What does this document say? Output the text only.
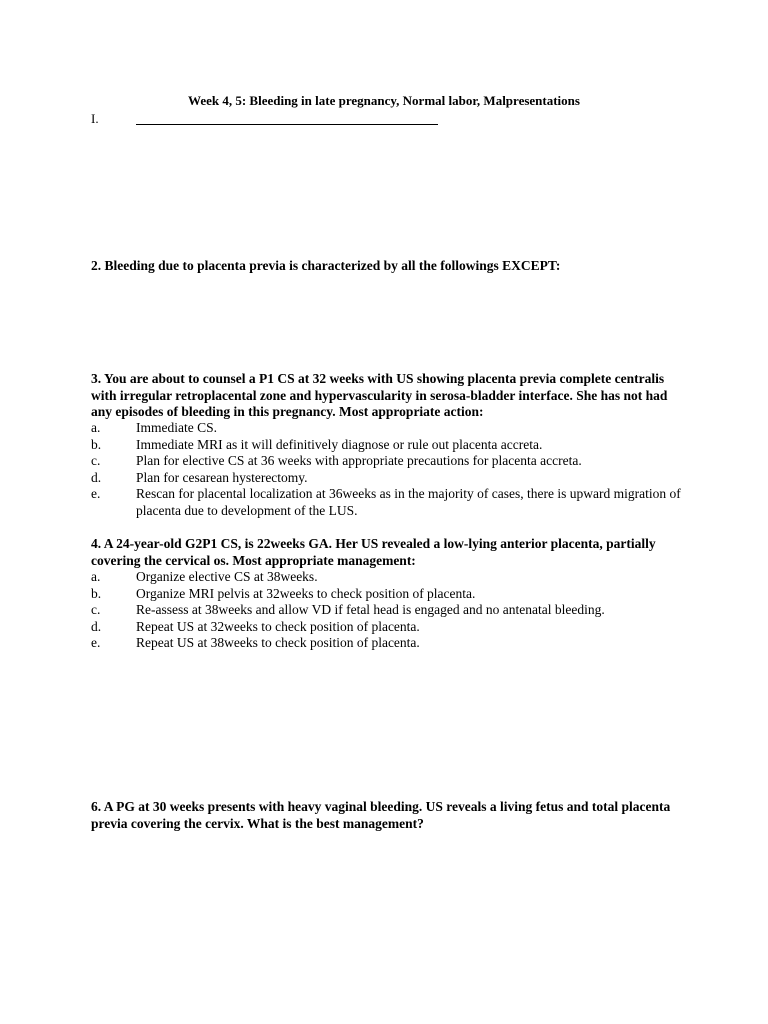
Week 4, 5: Bleeding in late pregnancy, Normal labor, Malpresentations
I.
2. Bleeding due to placenta previa is characterized by all the followings EXCEPT:
3. You are about to counsel a P1 CS at 32 weeks with US showing placenta previa complete centralis with irregular retroplacental zone and hypervascularity in serosa-bladder interface. She has not had any episodes of bleeding in this pregnancy. Most appropriate action:
a.	Immediate CS.
b.	Immediate MRI as it will definitively diagnose or rule out placenta accreta.
c.	Plan for elective CS at 36 weeks with appropriate precautions for placenta accreta.
d.	Plan for cesarean hysterectomy.
e.	Rescan for placental localization at 36weeks as in the majority of cases, there is upward migration of placenta due to development of the LUS.
4. A 24-year-old G2P1 CS, is 22weeks GA. Her US revealed a low-lying anterior placenta, partially covering the cervical os. Most appropriate management:
a.	Organize elective CS at 38weeks.
b.	Organize MRI pelvis at 32weeks to check position of placenta.
c.	Re-assess at 38weeks and allow VD if fetal head is engaged and no antenatal bleeding.
d.	Repeat US at 32weeks to check position of placenta.
e.	Repeat US at 38weeks to check position of placenta.
6. A PG at 30 weeks presents with heavy vaginal bleeding. US reveals a living fetus and total placenta previa covering the cervix. What is the best management?
